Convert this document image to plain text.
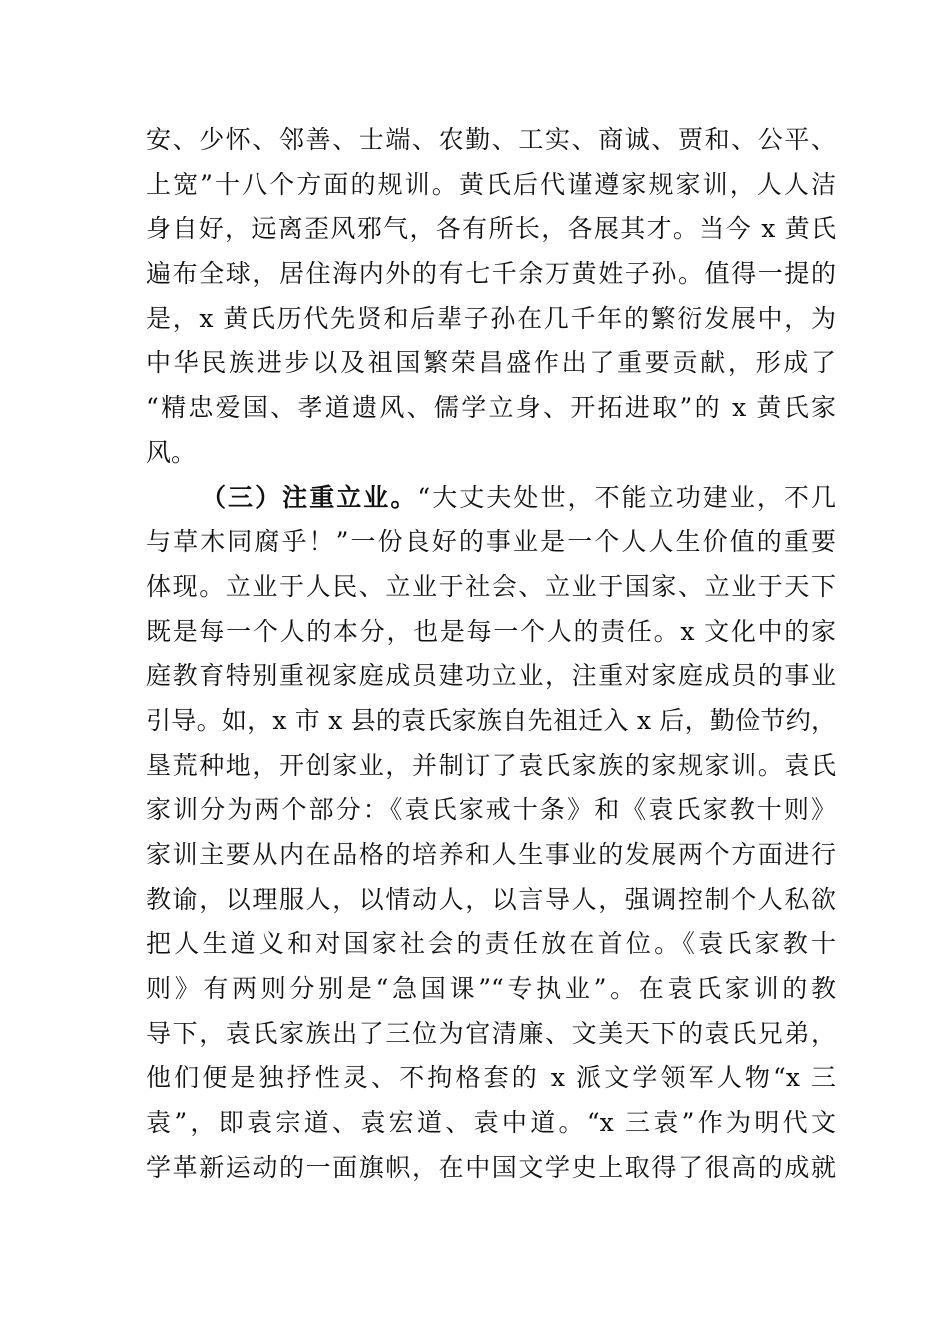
安、少怀、邻善、士端、农勤、工实、商诚、贾和、公平、
上宽”十八个方面的规训。黄氏后代谨遵家规家训，人人洁
身自好，远离歪风邪气，各有所长，各展其才。当今 x 黄氏
遍布全球，居住海内外的有七千余万黄姓子孙。值得一提的
是，x 黄氏历代先贤和后辈子孙在几千年的繁衍发展中，为
中华民族进步以及祖国繁荣昌盛作出了重要贡献，形成了
“精忠爱国、孝道遗风、儒学立身、开拓进取”的 x 黄氏家
风。
（三）注重立业。“大丈夫处世，不能立功建业，不几
与草木同腐乎！”一份良好的事业是一个人人生价值的重要
体现。立业于人民、立业于社会、立业于国家、立业于天下
既是每一个人的本分，也是每一个人的责任。x 文化中的家
庭教育特别重视家庭成员建功立业，注重对家庭成员的事业
引导。如，x 市 x 县的袁氏家族自先祖迁入 x 后，勤俭节约，
垦荒种地，开创家业，并制订了袁氏家族的家规家训。袁氏
家训分为两个部分：《袁氏家戒十条》和《袁氏家教十则》
家训主要从内在品格的培养和人生事业的发展两个方面进行
教谕，以理服人，以情动人，以言导人，强调控制个人私欲
把人生道义和对国家社会的责任放在首位。《袁氏家教十
则》有两则分别是“急国课”“专执业”。在袁氏家训的教
导下，袁氏家族出了三位为官清廉、文美天下的袁氏兄弟，
他们便是独抒性灵、不拘格套的 x 派文学领军人物“x 三
袁”，即袁宗道、袁宏道、袁中道。“x 三袁”作为明代文
学革新运动的一面旗帜，在中国文学史上取得了很高的成就
